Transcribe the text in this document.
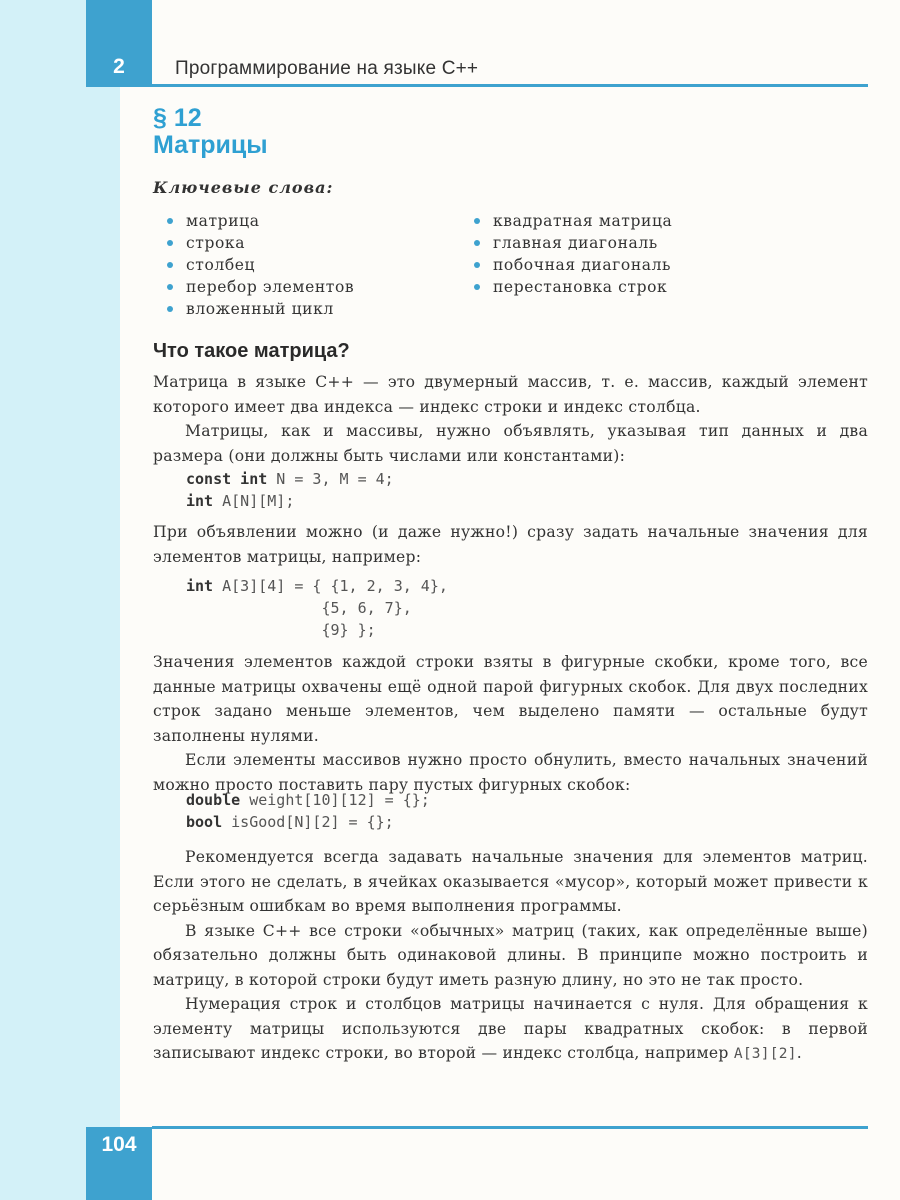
2	Программирование на языке C++
§ 12
Матрицы
Ключевые слова:
матрица
строка
столбец
перебор элементов
вложенный цикл
квадратная матрица
главная диагональ
побочная диагональ
перестановка строк
Что такое матрица?

Матрица в языке C++ — это двумерный массив, т. е. массив, каждый элемент которого имеет два индекса — индекс строки и индекс столбца.

Матрицы, как и массивы, нужно объявлять, указывая тип данных и два размера (они должны быть числами или константами):

const int N = 3, M = 4;
int A[N][M];

При объявлении можно (и даже нужно!) сразу задать начальные значения для элементов матрицы, например:

int A[3][4] = { {1, 2, 3, 4},
{5, 6, 7},
{9} };

Значения элементов каждой строки взяты в фигурные скобки, кроме того, все данные матрицы охвачены ещё одной парой фигурных скобок. Для двух последних строк задано меньше элементов, чем выделено памяти — остальные будут заполнены нулями.

Если элементы массивов нужно просто обнулить, вместо начальных значений можно просто поставить пару пустых фигурных скобок:

double weight[10][12] = {};
bool isGood[N][2] = {};

Рекомендуется всегда задавать начальные значения для элементов матриц. Если этого не сделать, в ячейках оказывается «мусор», который может привести к серьёзным ошибкам во время выполнения программы.

В языке C++ все строки «обычных» матриц (таких, как определённые выше) обязательно должны быть одинаковой длины. В принципе можно построить и матрицу, в которой строки будут иметь разную длину, но это не так просто.

Нумерация строк и столбцов матрицы начинается с нуля. Для обращения к элементу матрицы используются две пары квадратных скобок: в первой записывают индекс строки, во второй — индекс столбца, например A[3][2].

104
